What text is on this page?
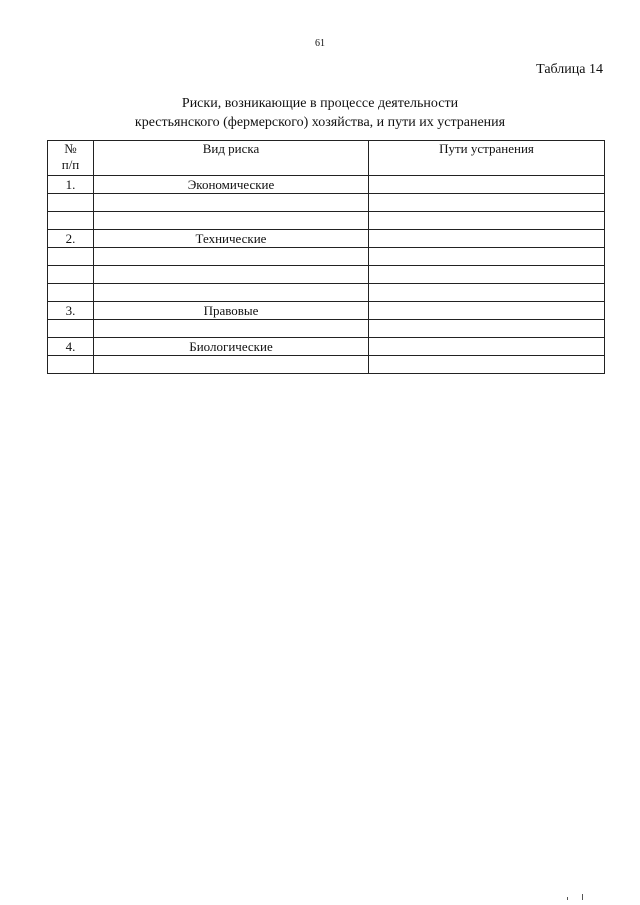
61
Таблица 14
Риски, возникающие в процессе деятельности
крестьянского (фермерского) хозяйства, и пути их устранения
№
п/п	Вид риска	Пути устранения
1.	Экономические	

2.	Технические	

3.	Правовые	

4.	Биологические	
